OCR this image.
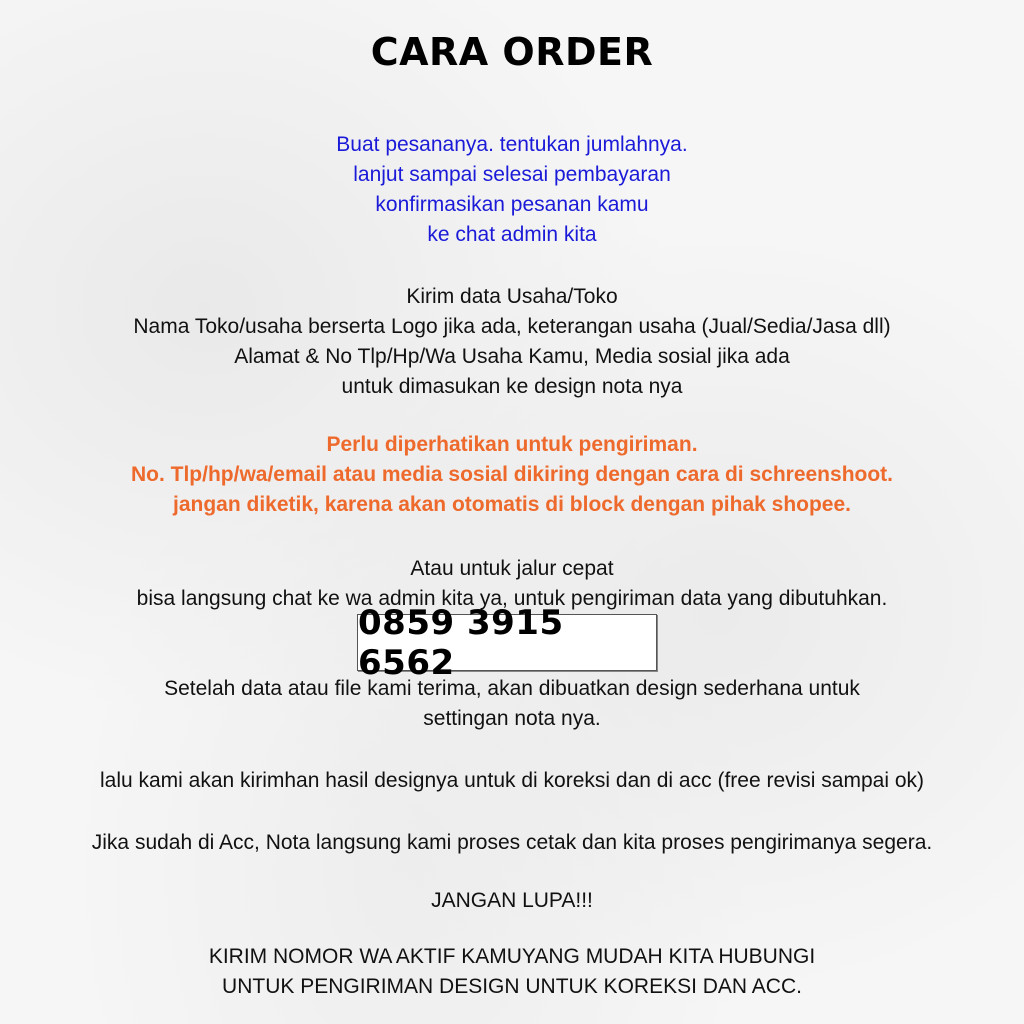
CARA ORDER
Buat pesananya. tentukan jumlahnya.
lanjut sampai selesai pembayaran
konfirmasikan pesanan kamu
ke chat admin kita
Kirim data Usaha/Toko
Nama Toko/usaha berserta Logo jika ada, keterangan usaha (Jual/Sedia/Jasa dll)
Alamat & No Tlp/Hp/Wa Usaha Kamu, Media sosial jika ada
untuk dimasukan ke design nota nya
Perlu diperhatikan untuk pengiriman.
No. Tlp/hp/wa/email atau media sosial dikiring dengan cara di schreenshoot.
jangan diketik, karena akan otomatis di block dengan pihak shopee.
Atau untuk jalur cepat
bisa langsung chat ke wa admin kita ya, untuk pengiriman data yang dibutuhkan.
0859 3915 6562
Setelah data atau file kami terima, akan dibuatkan design sederhana untuk
settingan nota nya.
lalu kami akan kirimhan hasil designya untuk di koreksi dan di acc (free revisi sampai ok)
Jika sudah di Acc, Nota langsung kami proses cetak dan kita proses pengirimanya segera.
JANGAN LUPA!!!
KIRIM NOMOR WA AKTIF KAMUYANG MUDAH KITA HUBUNGI
UNTUK PENGIRIMAN DESIGN UNTUK KOREKSI DAN ACC.
